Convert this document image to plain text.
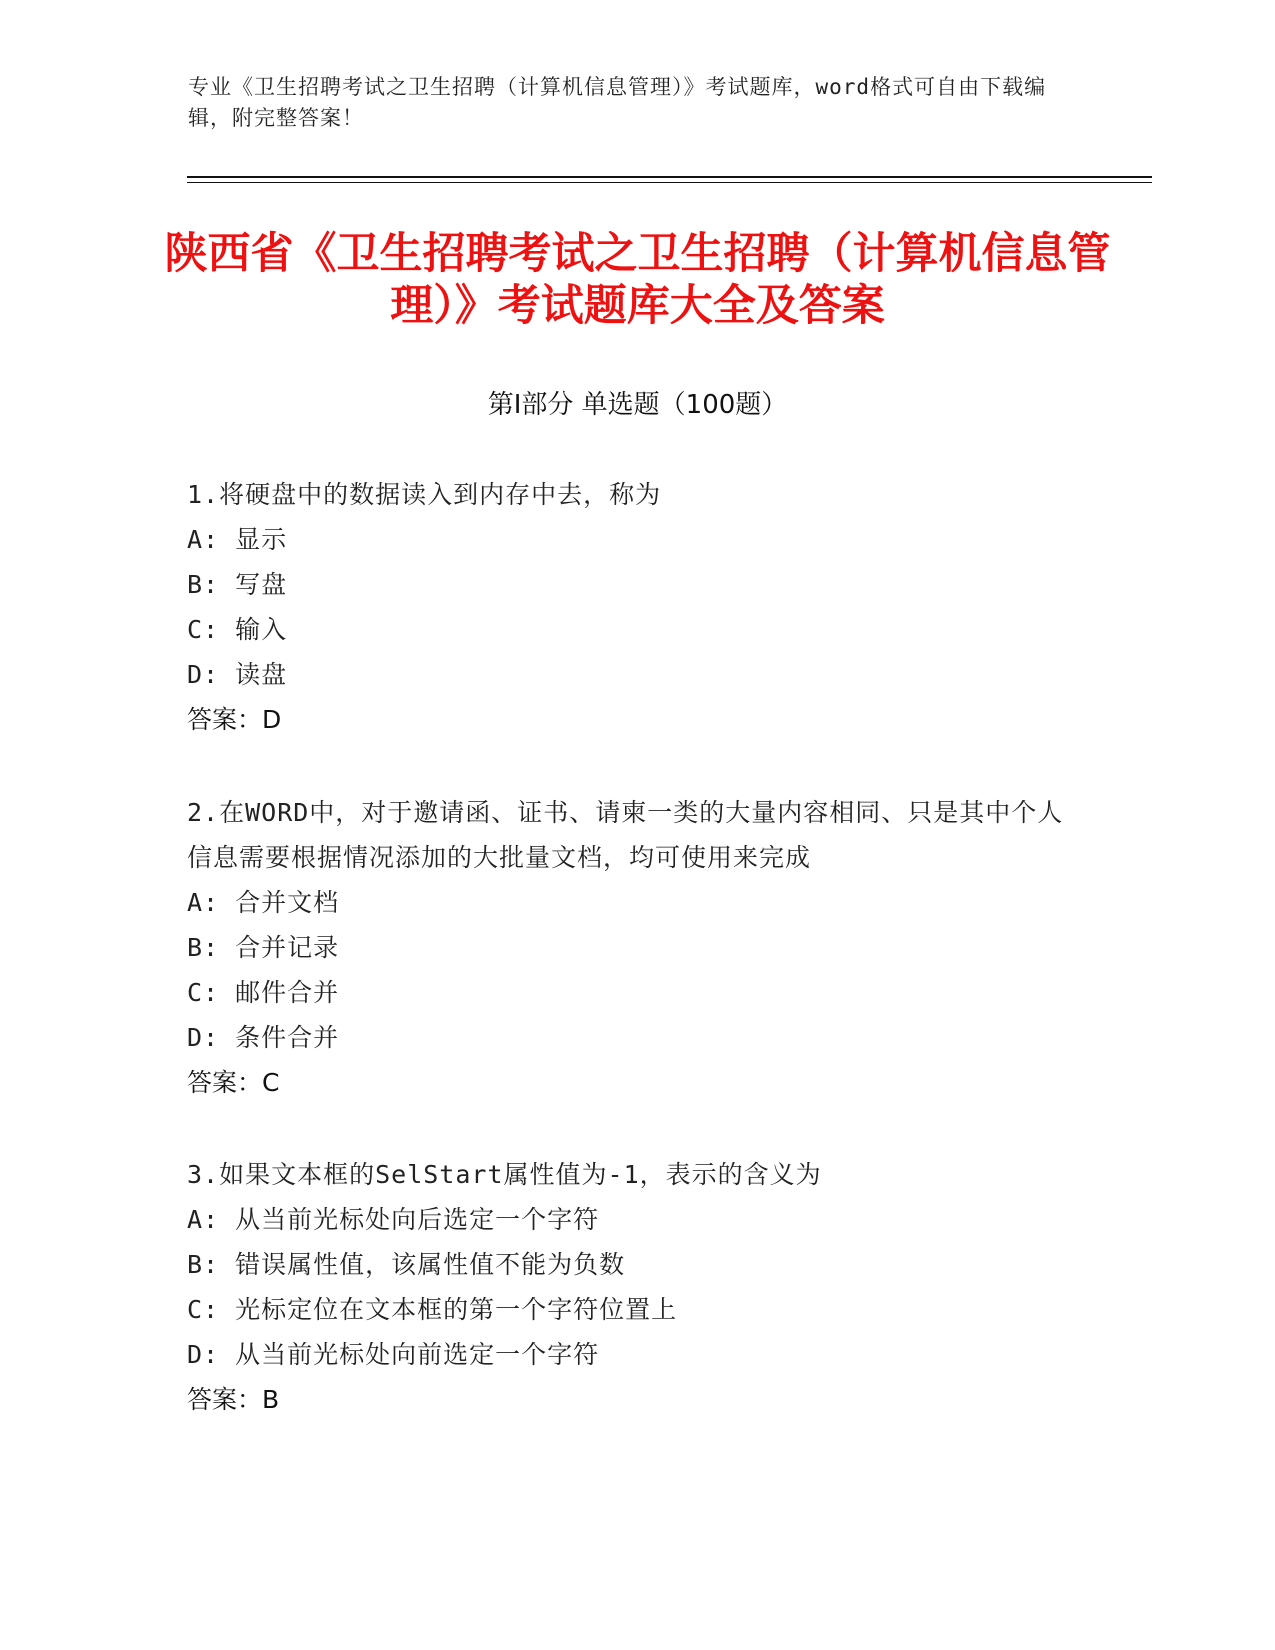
专业《卫生招聘考试之卫生招聘（计算机信息管理）》考试题库，word格式可自由下载编辑，附完整答案！
陕西省《卫生招聘考试之卫生招聘（计算机信息管理）》考试题库大全及答案
第Ⅰ部分 单选题（100题）
1.将硬盘中的数据读入到内存中去，称为
A: 显示
B: 写盘
C: 输入
D: 读盘
答案：D
2.在WORD中，对于邀请函、证书、请柬一类的大量内容相同、只是其中个人信息需要根据情况添加的大批量文档，均可使用来完成
A: 合并文档
B: 合并记录
C: 邮件合并
D: 条件合并
答案：C
3.如果文本框的SelStart属性值为-1，表示的含义为
A: 从当前光标处向后选定一个字符
B: 错误属性值，该属性值不能为负数
C: 光标定位在文本框的第一个字符位置上
D: 从当前光标处向前选定一个字符
答案：B
